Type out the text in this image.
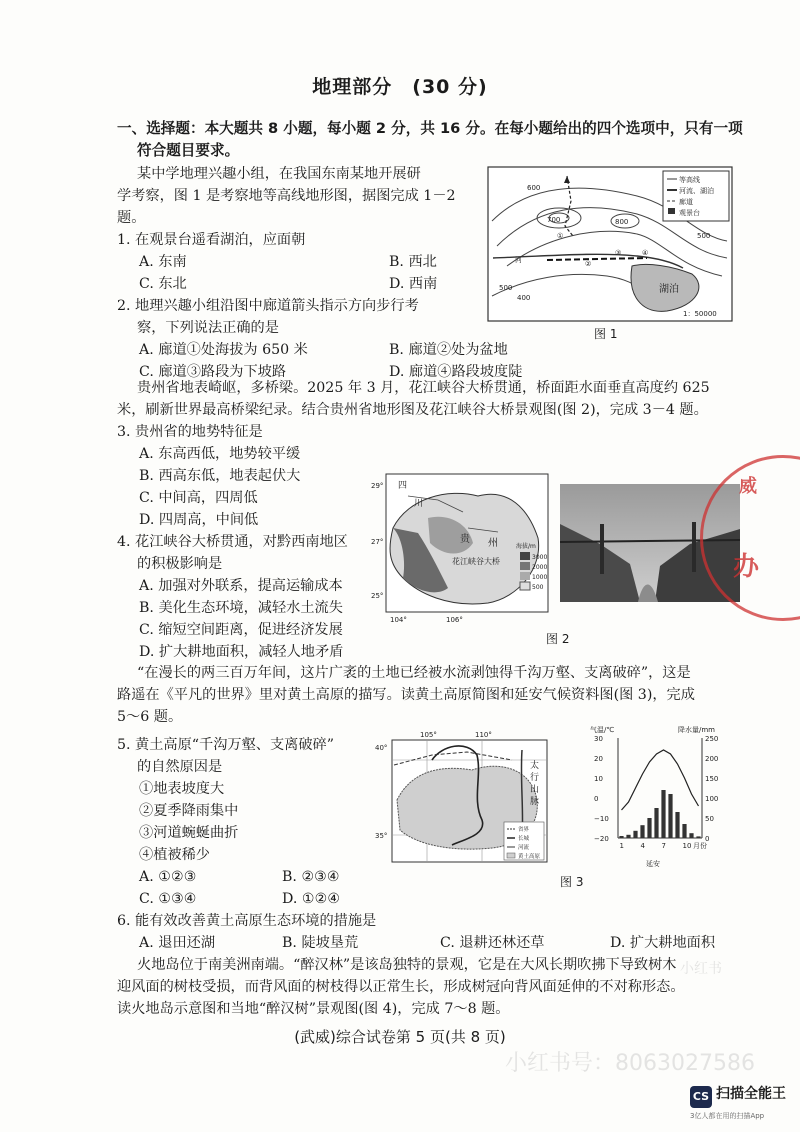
地理部分　(30 分)
一、选择题：本大题共 8 小题，每小题 2 分，共 16 分。在每小题给出的四个选项中，只有一项
符合题目要求。
某中学地理兴趣小组，在我国东南某地开展研
学考察，图 1 是考察地等高线地形图，据图完成 1－2
题。
1. 在观景台遥看湖泊，应面朝
A. 东南	B. 西北
C. 东北	D. 西南
2. 地理兴趣小组沿图中廊道箭头指示方向步行考
察，下列说法正确的是
A. 廊道①处海拔为 650 米	B. 廊道②处为盆地
C. 廊道③路段为下坡路	D. 廊道④路段坡度陡
等高线
河流、湖泊
廊道
观景台
600
700	800
500
500
400
①
②
③	④
河
湖泊
1：50000
图 1
贵州省地表崎岖，多桥梁。2025 年 3 月，花江峡谷大桥贯通，桥面距水面垂直高度约 625
米，刷新世界最高桥梁纪录。结合贵州省地形图及花江峡谷大桥景观图(图 2)，完成 3－4 题。
3. 贵州省的地势特征是
A. 东高西低，地势较平缓
B. 西高东低，地表起伏大
C. 中间高，四周低
D. 四周高，中间低
4. 花江峡谷大桥贯通，对黔西南地区
的积极影响是
A. 加强对外联系，提高运输成本
B. 美化生态环境，减轻水土流失
C. 缩短空间距离，促进经济发展
D. 扩大耕地面积，减轻人地矛盾
29°
27°
25°
104°	106°
四
川
贵 州
花江峡谷大桥
海拔/m
3000
2000
1000
500
图 2
办
威
“在漫长的两三百万年间，这片广袤的土地已经被水流剥蚀得千沟万壑、支离破碎”，这是
路遥在《平凡的世界》里对黄土高原的描写。读黄土高原简图和延安气候资料图(图 3)，完成
5～6 题。
5. 黄土高原“千沟万壑、支离破碎”
的自然原因是
①地表坡度大
②夏季降雨集中
③河道蜿蜒曲折
④植被稀少
A. ①②③	B. ②③④
C. ①③④	D. ①②④
105°	110°
40°
35°
太
行
山
脉
省界
长城
河流
黄土高原
气温/℃	降水量/mm
延安
30
20
10
0
−10
−20
250
200
150
100
50
0
1 4 7 10 月份
图 3
6. 能有效改善黄土高原生态环境的措施是
A. 退田还湖	B. 陡坡垦荒	C. 退耕还林还草	D. 扩大耕地面积
火地岛位于南美洲南端。“醉汉林”是该岛独特的景观，它是在大风长期吹拂下导致树木
迎风面的树枝受损，而背风面的树枝得以正常生长，形成树冠向背风面延伸的不对称形态。
读火地岛示意图和当地“醉汉树”景观图(图 4)，完成 7～8 题。
(武威)综合试卷第 5 页(共 8 页)
小红书
小红书号：8063027586
CS 扫描全能王
3亿人都在用的扫描App
